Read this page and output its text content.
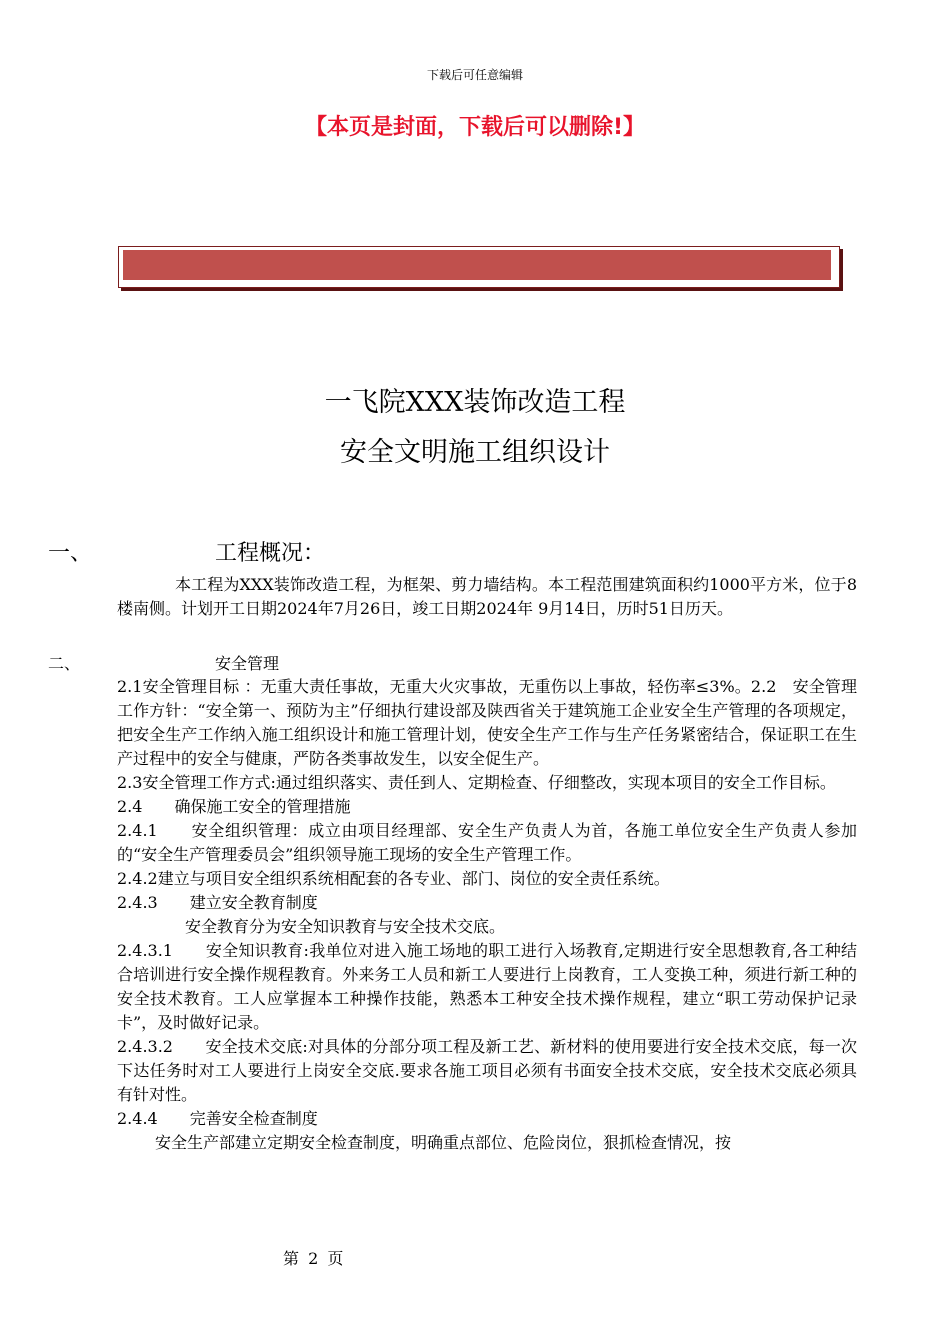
下载后可任意编辑
【本页是封面，下载后可以删除!】
一飞院XXX装饰改造工程
安全文明施工组织设计
一、	工程概况：
本工程为XXX装饰改造工程，为框架、剪力墙结构。本工程范围建筑面积约1000平方米，位于8楼南侧。计划开工日期2024年7月26日，竣工日期2024年 9月14日，历时51日历天。
二、	安全管理

2.1安全管理目标 ：无重大责任事故，无重大火灾事故，无重伤以上事故，轻伤率≤3%。2.2　安全管理工作方针：“安全第一、预防为主”仔细执行建设部及陕西省关于建筑施工企业安全生产管理的各项规定，把安全生产工作纳入施工组织设计和施工管理计划，使安全生产工作与生产任务紧密结合，保证职工在生产过程中的安全与健康，严防各类事故发生，以安全促生产。

2.3安全管理工作方式:通过组织落实、责任到人、定期检查、仔细整改，实现本项目的安全工作目标。

2.4　　确保施工安全的管理措施

2.4.1　　安全组织管理：成立由项目经理部、安全生产负责人为首，各施工单位安全生产负责人参加的“安全生产管理委员会”组织领导施工现场的安全生产管理工作。

2.4.2建立与项目安全组织系统相配套的各专业、部门、岗位的安全责任系统。

2.4.3　　建立安全教育制度

安全教育分为安全知识教育与安全技术交底。

2.4.3.1　　安全知识教育:我单位对进入施工场地的职工进行入场教育,定期进行安全思想教育,各工种结合培训进行安全操作规程教育。外来务工人员和新工人要进行上岗教育，工人变换工种，须进行新工种的安全技术教育。工人应掌握本工种操作技能，熟悉本工种安全技术操作规程，建立“职工劳动保护记录卡”，及时做好记录。

2.4.3.2　　安全技术交底:对具体的分部分项工程及新工艺、新材料的使用要进行安全技术交底，每一次下达任务时对工人要进行上岗安全交底.要求各施工项目必须有书面安全技术交底，安全技术交底必须具有针对性。

2.4.4　　完善安全检查制度

安全生产部建立定期安全检查制度，明确重点部位、危险岗位，狠抓检查情况，按

第 2 页
